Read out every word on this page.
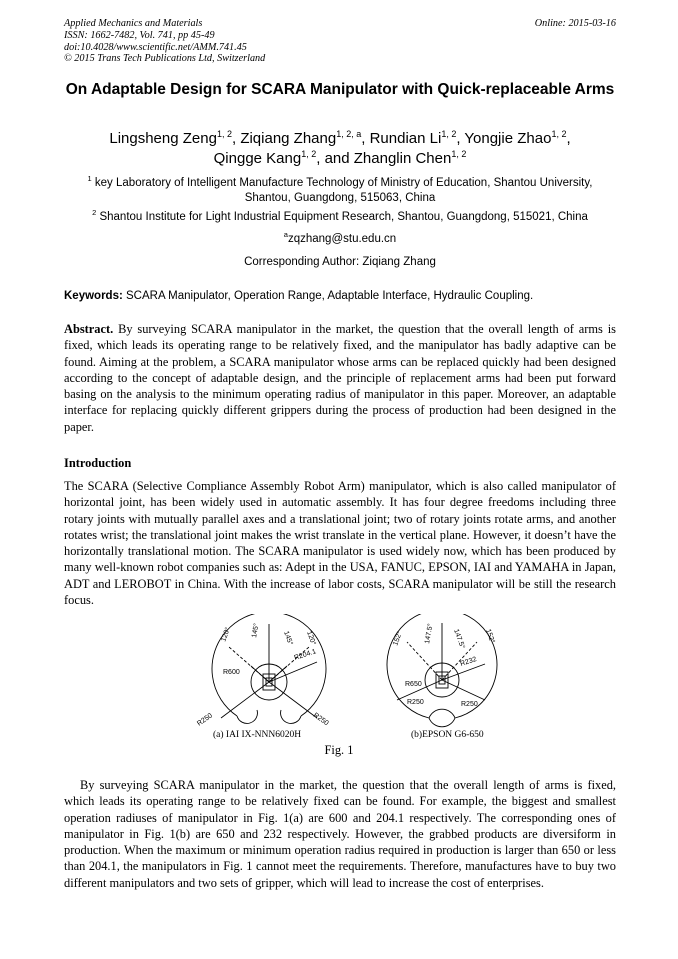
Applied Mechanics and Materials
ISSN: 1662-7482, Vol. 741, pp 45-49
doi:10.4028/www.scientific.net/AMM.741.45
© 2015 Trans Tech Publications Ltd, Switzerland
Online: 2015-03-16
On Adaptable Design for SCARA Manipulator with Quick-replaceable Arms
Lingsheng Zeng$^{1, 2}$, Ziqiang Zhang$^{1, 2, a}$, Rundian Li$^{1, 2}$, Yongjie Zhao$^{1, 2}$,
Qingge Kang$^{1, 2}$, and Zhanglin Chen$^{1, 2}$
$^1$ key Laboratory of Intelligent Manufacture Technology of Ministry of Education, Shantou University, Shantou, Guangdong, 515063, China
$^2$ Shantou Institute for Light Industrial Equipment Research, Shantou, Guangdong, 515021, China
$^a$zqzhang@stu.edu.cn
Corresponding Author: Ziqiang Zhang
Keywords: SCARA Manipulator, Operation Range, Adaptable Interface, Hydraulic Coupling.

Abstract. By surveying SCARA manipulator in the market, the question that the overall length of arms is fixed, which leads its operating range to be relatively fixed, and the manipulator has badly adaptive can be found. Aiming at the problem, a SCARA manipulator whose arms can be replaced quickly had been designed according to the concept of adaptable design, and the principle of replacement arms had been put forward basing on the analysis to the minimum operating radius of manipulator in this paper. Moreover, an adaptable interface for replacing quickly different grippers during the process of production had been designed in the paper.

Introduction

The SCARA (Selective Compliance Assembly Robot Arm) manipulator, which is also called manipulator of horizontal joint, has been widely used in automatic assembly. It has four degree freedoms including three rotary joints with mutually parallel axes and a translational joint; two of rotary joints rotate arms, and another rotates wrist; the translational joint makes the wrist translate in the vertical plane. However, it doesn’t have the horizontally translational motion. The SCARA manipulator is used widely now, which has been produced by many well-known robot companies such as: Adept in the USA, FANUC, EPSON, IAI and YAMAHA in Japan, ADT and LEROBOT in China. With the increase of labor costs, SCARA manipulator will be still the research focus.

120°	145°	145° 120°
R600
R204.1
R250	R250
152°	147.5°	147.5°	152°
R650
R232
R250	R250
(a) IAI IX-NNN6020H	(b)EPSON G6-650
Fig. 1

By surveying SCARA manipulator in the market, the question that the overall length of arms is fixed, which leads its operating range to be relatively fixed can be found. For example, the biggest and smallest operation radiuses of manipulator in Fig. 1(a) are 600 and 204.1 respectively. The corresponding ones of manipulator in Fig. 1(b) are 650 and 232 respectively. However, the grabbed products are diversiform in production. When the maximum or minimum operation radius required in production is larger than 650 or less than 204.1, the manipulators in Fig. 1 cannot meet the requirements. Therefore, manufactures have to buy two different manipulators and two sets of gripper, which will lead to increase the cost of enterprises.
